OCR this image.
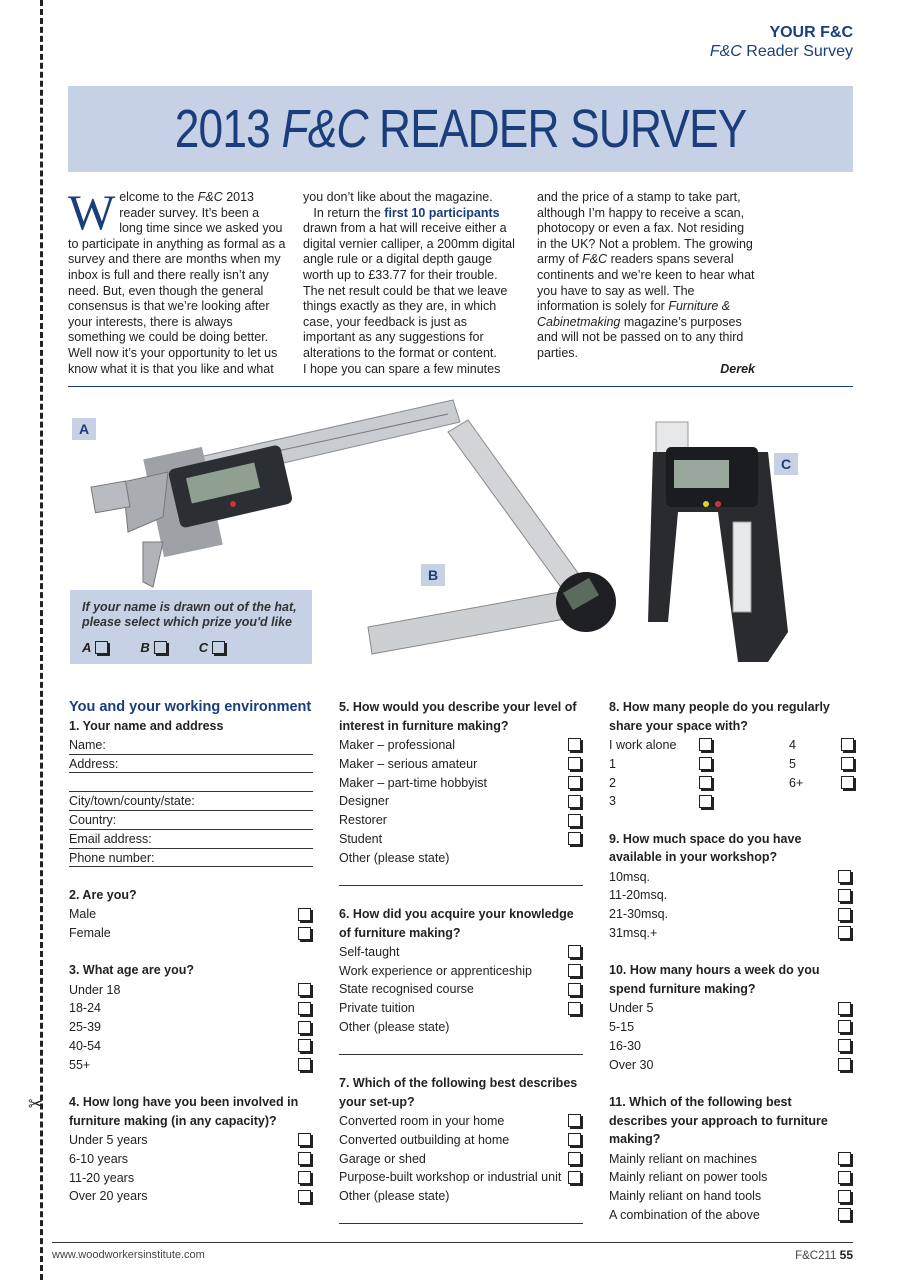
✂
YOUR F&C
F&C Reader Survey
2013 F&C READER SURVEY

Welcome to the F&C 2013 reader survey. It’s been a long time since we asked you to participate in anything as formal as a survey and there are months when my inbox is full and there really isn’t any need. But, even though the general consensus is that we’re looking after your interests, there is always something we could be doing better. Well now it’s your opportunity to let us know what it is that you like and what

you don’t like about the magazine.

In return the first 10 participants drawn from a hat will receive either a digital vernier calliper, a 200mm digital angle rule or a digital depth gauge worth up to £33.77 for their trouble. The net result could be that we leave things exactly as they are, in which case, your feedback is just as important as any suggestions for alterations to the format or content.

I hope you can spare a few minutes

and the price of a stamp to take part, although I’m happy to receive a scan, photocopy or even a fax. Not residing in the UK? Not a problem. The growing army of F&C readers spans several continents and we’re keen to hear what you have to say as well. The information is solely for Furniture & Cabinetmaking magazine’s purposes and will not be passed on to any third parties.

Derek

A
B
C
If your name is drawn out of the hat, please select which prize you'd like
A	B	C
You and your working environment
1. Your name and address
Name:
Address:
City/town/county/state:
Country:
Email address:
Phone number:
2. Are you?
Male
Female
3. What age are you?
Under 18
18-24
25-39
40-54
55+
4. How long have you been involved in furniture making (in any capacity)?
Under 5 years
6-10 years
11-20 years
Over 20 years
5. How would you describe your level of interest in furniture making?
Maker – professional
Maker – serious amateur
Maker – part-time hobbyist
Designer
Restorer
Student
Other (please state)
6. How did you acquire your knowledge of furniture making?
Self-taught
Work experience or apprenticeship
State recognised course
Private tuition
Other (please state)
7. Which of the following best describes your set-up?
Converted room in your home
Converted outbuilding at home
Garage or shed
Purpose-built workshop or industrial unit
Other (please state)
8. How many people do you regularly share your space with?
I work alone	4
1	5
2	6+
3
9. How much space do you have available in your workshop?
10msq.
11-20msq.
21-30msq.
31msq.+
10. How many hours a week do you spend furniture making?
Under 5
5-15
16-30
Over 30
11. Which of the following best describes your approach to furniture making?
Mainly reliant on machines
Mainly reliant on power tools
Mainly reliant on hand tools
A combination of the above
www.woodworkersinstitute.com	F&C211 55
